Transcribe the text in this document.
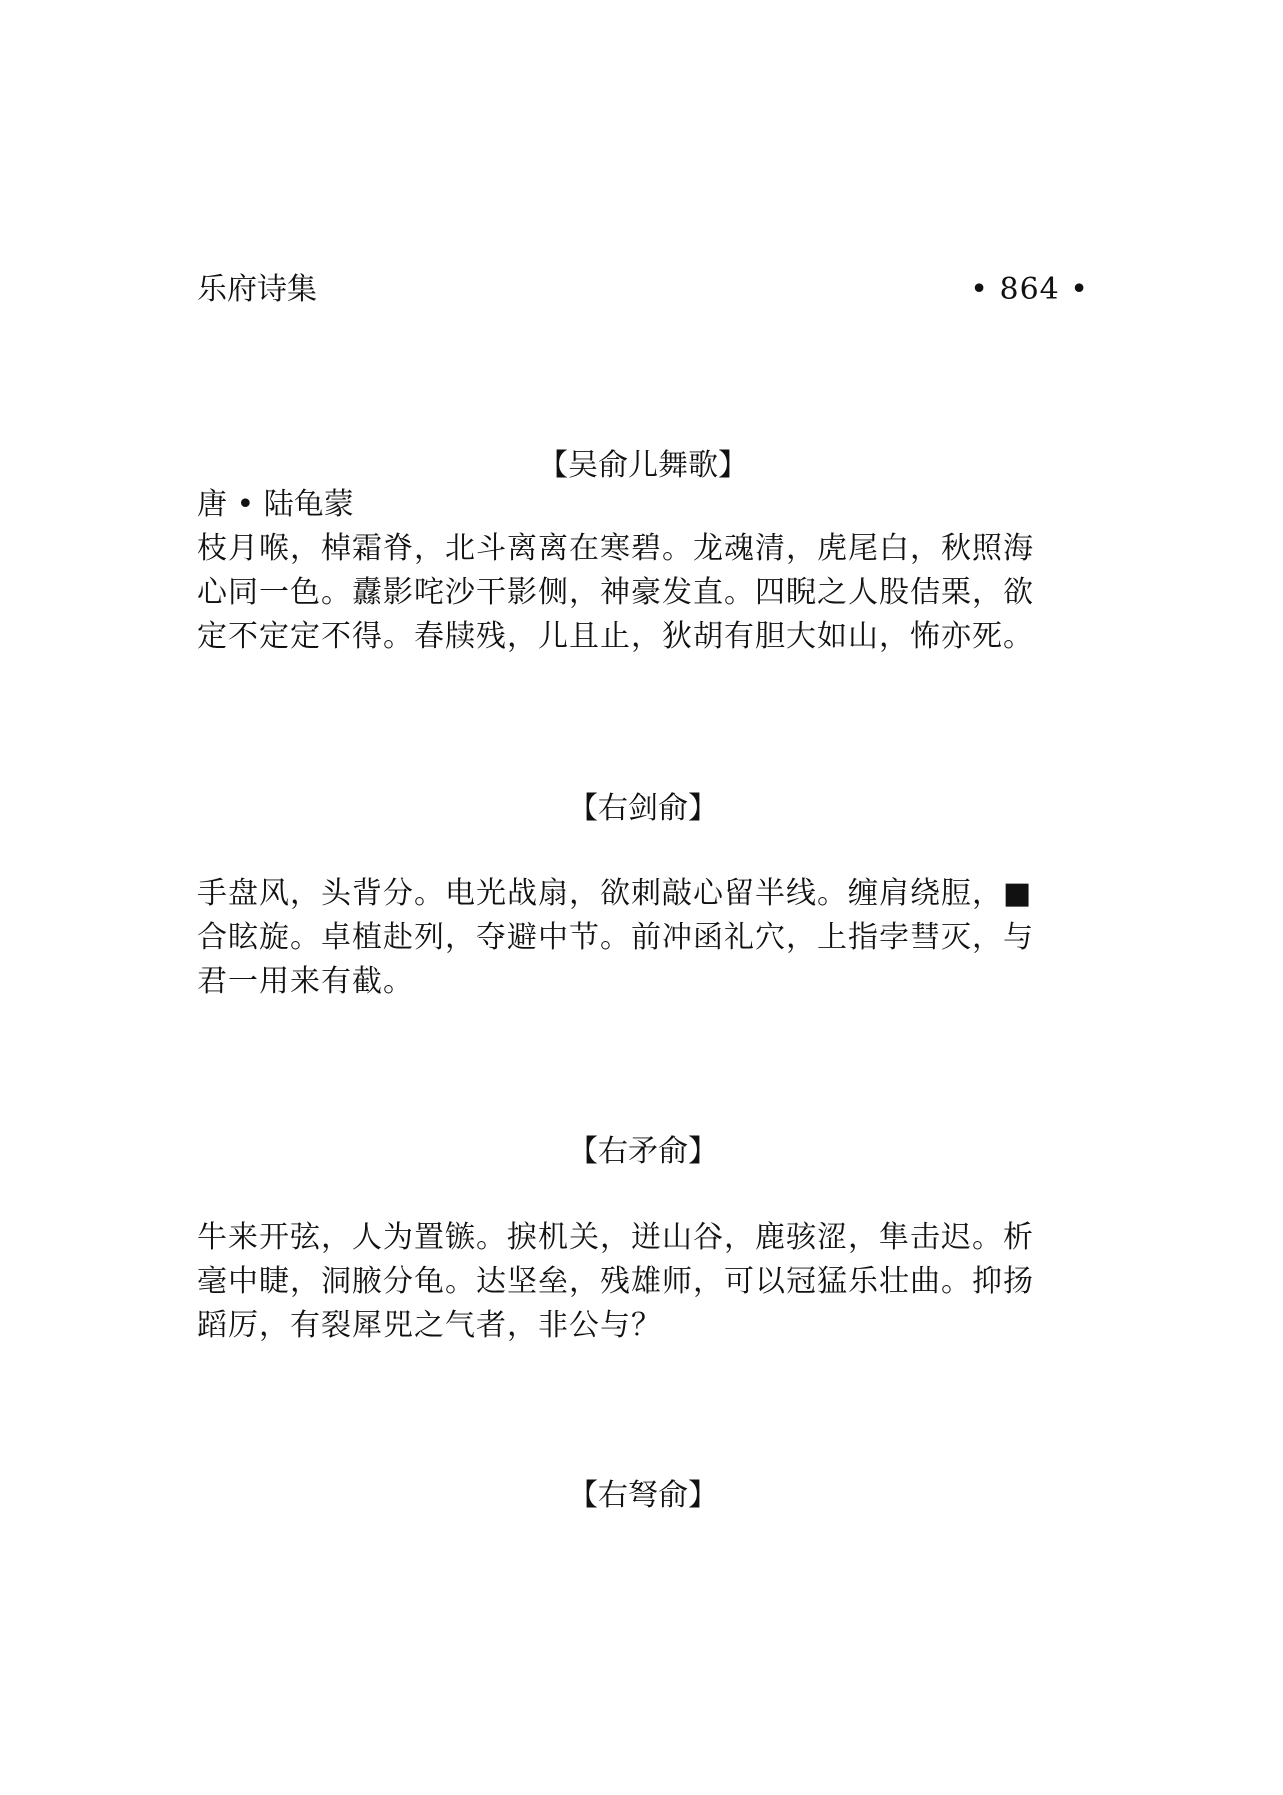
乐府诗集	• 864 •
【吴俞儿舞歌】
唐 • 陆龟蒙
枝月喉，棹霜脊，北斗离离在寒碧。龙魂清，虎尾白，秋照海
心同一色。纛影咤沙干影侧，神豪发直。四睨之人股佶栗，欲
定不定定不得。春牍残，儿且止，狄胡有胆大如山，怖亦死。
【右剑俞】
手盘风，头背分。电光战扇，欲刺敲心留半线。缠肩绕脰，■
合眩旋。卓植赴列，夺避中节。前冲函礼穴，上指孛彗灭，与
君一用来有截。
【右矛俞】
牛来开弦，人为置镞。捩机关，迸山谷，鹿骇涩，隼击迟。析
毫中睫，洞腋分龟。达坚垒，残雄师，可以冠猛乐壮曲。抑扬
蹈厉，有裂犀兕之气者，非公与？
【右弩俞】
